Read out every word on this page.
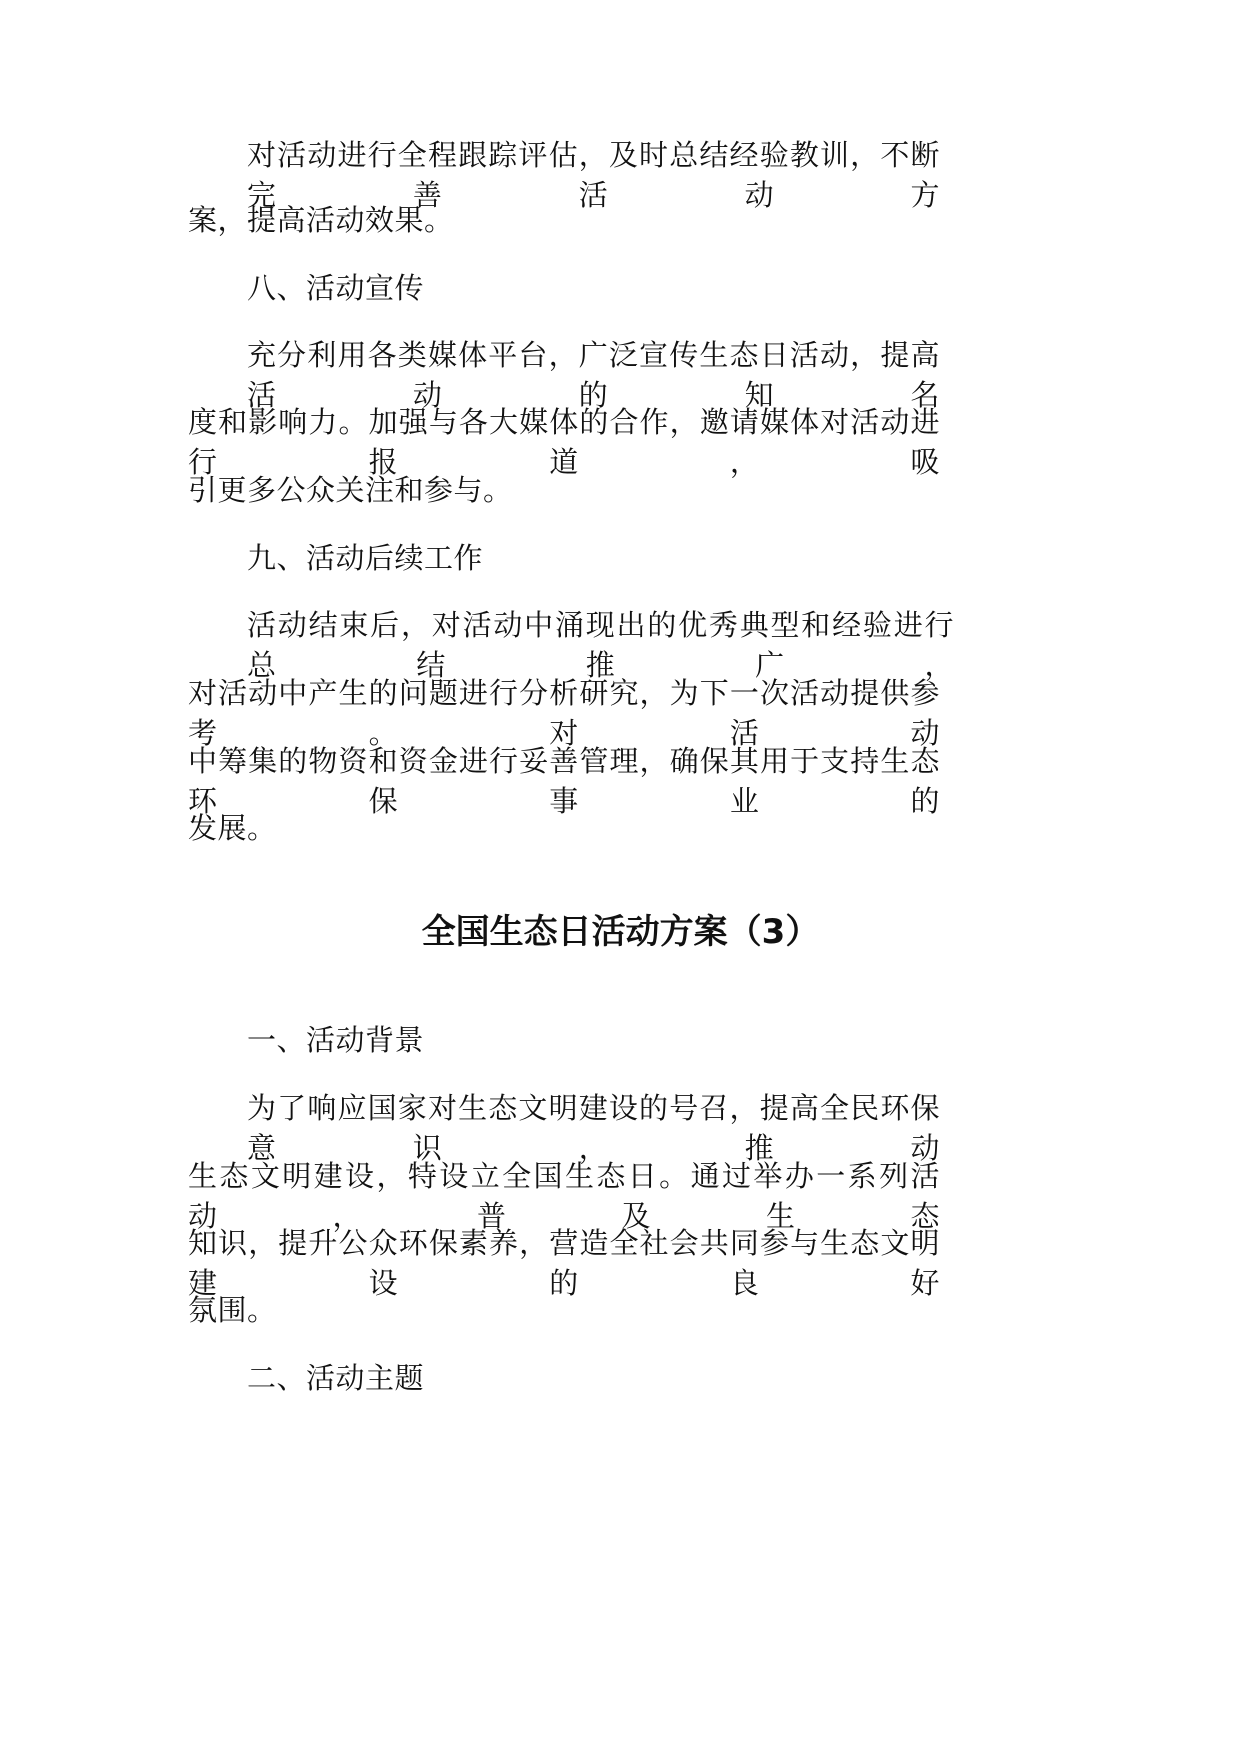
对活动进行全程跟踪评估，及时总结经验教训，不断完善活动方
案，提高活动效果。
八、活动宣传
充分利用各类媒体平台，广泛宣传生态日活动，提高活动的知名
度和影响力。加强与各大媒体的合作，邀请媒体对活动进行报道，吸
引更多公众关注和参与。
九、活动后续工作
活动结束后，对活动中涌现出的优秀典型和经验进行总结推广，
对活动中产生的问题进行分析研究，为下一次活动提供参考。对活动
中筹集的物资和资金进行妥善管理，确保其用于支持生态环保事业的
发展。
全国生态日活动方案（3）
一、活动背景
为了响应国家对生态文明建设的号召，提高全民环保意识，推动
生态文明建设，特设立全国生态日。通过举办一系列活动，普及生态
知识，提升公众环保素养，营造全社会共同参与生态文明建设的良好
氛围。
二、活动主题
